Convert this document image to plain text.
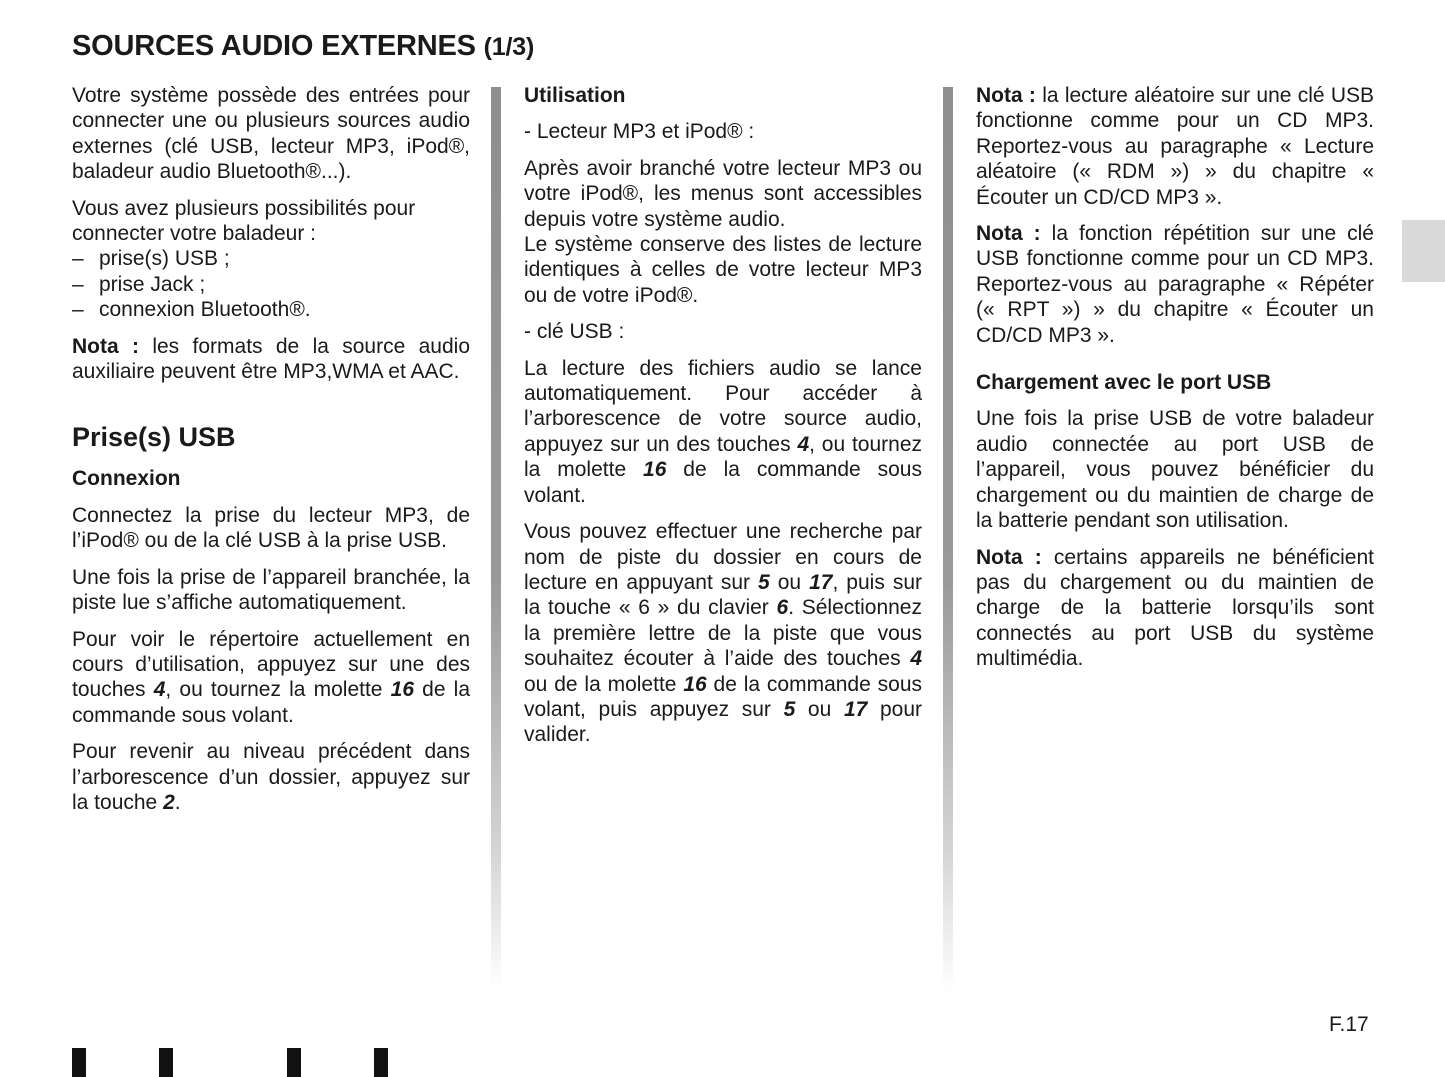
SOURCES AUDIO EXTERNES (1/3)

Votre système possède des entrées pour connecter une ou plusieurs sources audio externes (clé USB, lecteur MP3, iPod®, baladeur audio Bluetooth®...).

Vous avez plusieurs possibilités pour connecter votre baladeur :

– prise(s) USB ;
– prise Jack ;
– connexion Bluetooth®.

Nota : les formats de la source audio auxiliaire peuvent être MP3,WMA et AAC.

Prise(s) USB
Connexion

Connectez la prise du lecteur MP3, de l’iPod® ou de la clé USB à la prise USB.

Une fois la prise de l’appareil branchée, la piste lue s’affiche automatiquement.

Pour voir le répertoire actuellement en cours d’utilisation, appuyez sur une des touches 4, ou tournez la molette 16 de la commande sous volant.

Pour revenir au niveau précédent dans l’arborescence d’un dossier, appuyez sur la touche 2.

Utilisation

- Lecteur MP3 et iPod® :

Après avoir branché votre lecteur MP3 ou votre iPod®, les menus sont accessibles depuis votre système audio.
Le système conserve des listes de lecture identiques à celles de votre lecteur MP3 ou de votre iPod®.

- clé USB :

La lecture des fichiers audio se lance automatiquement. Pour accéder à l’arborescence de votre source audio, appuyez sur un des touches 4, ou tournez la molette 16 de la commande sous volant.

Vous pouvez effectuer une recherche par nom de piste du dossier en cours de lecture en appuyant sur 5 ou 17, puis sur la touche « 6 » du clavier 6. Sélectionnez la première lettre de la piste que vous souhaitez écouter à l’aide des touches 4 ou de la molette 16 de la commande sous volant, puis appuyez sur 5 ou 17 pour valider.

Nota : la lecture aléatoire sur une clé USB fonctionne comme pour un CD MP3. Reportez-vous au paragraphe « Lecture aléatoire (« RDM ») » du chapitre « Écouter un CD/CD MP3 ».

Nota : la fonction répétition sur une clé USB fonctionne comme pour un CD MP3. Reportez-vous au paragraphe « Répéter (« RPT ») » du chapitre « Écouter un CD/CD MP3 ».

Chargement avec le port USB

Une fois la prise USB de votre baladeur audio connectée au port USB de l’appareil, vous pouvez bénéficier du chargement ou du maintien de charge de la batterie pendant son utilisation.

Nota : certains appareils ne bénéficient pas du chargement ou du maintien de charge de la batterie lorsqu’ils sont connectés au port USB du système multimédia.

F.17
